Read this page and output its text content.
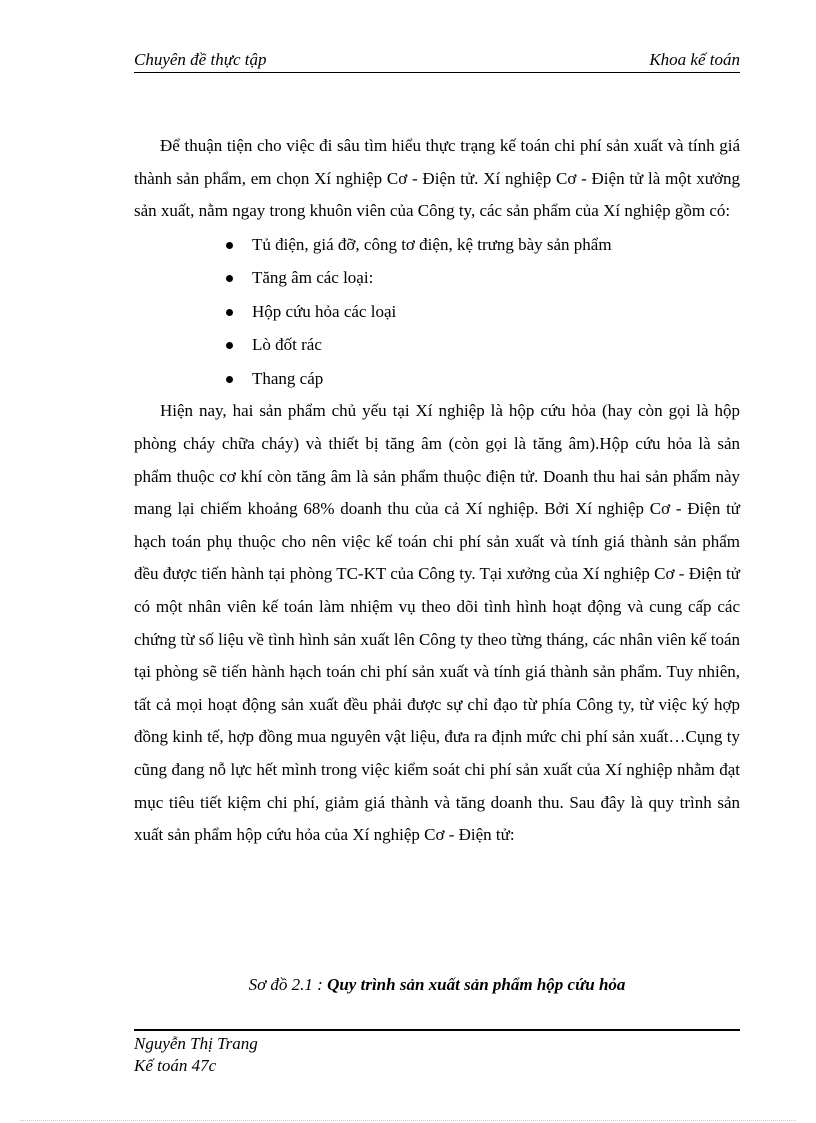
Chuyên đề thực tập	Khoa kế toán

Để thuận tiện cho việc đi sâu tìm hiểu thực trạng kế toán chi phí sản xuất và tính giá thành sản phẩm, em chọn Xí nghiệp Cơ - Điện tử. Xí nghiệp Cơ - Điện tử là một xưởng sản xuất, nằm ngay trong khuôn viên của Công ty, các sản phẩm của Xí nghiệp gồm có:

Tủ điện, giá đỡ, công tơ điện, kệ trưng bày sản phẩm
Tăng âm các loại:
Hộp cứu hỏa các loại
Lò đốt rác
Thang cáp

Hiện nay, hai sản phẩm chủ yếu tại Xí nghiệp là hộp cứu hỏa (hay còn gọi là hộp phòng cháy chữa cháy) và thiết bị tăng âm (còn gọi là tăng âm).Hộp cứu hỏa là sản phẩm thuộc cơ khí còn tăng âm là sản phẩm thuộc điện tử. Doanh thu hai sản phẩm này mang lại chiếm khoảng 68% doanh thu của cả Xí nghiệp. Bởi Xí nghiệp Cơ - Điện tử hạch toán phụ thuộc cho nên việc kế toán chi phí sản xuất và tính giá thành sản phẩm đều được tiến hành tại phòng TC-KT của Công ty. Tại xưởng của Xí nghiệp Cơ - Điện tử có một nhân viên kế toán làm nhiệm vụ theo dõi tình hình hoạt động và cung cấp các chứng từ số liệu về tình hình sản xuất lên Công ty theo từng tháng, các nhân viên kế toán tại phòng sẽ tiến hành hạch toán chi phí sản xuất và tính giá thành sản phẩm. Tuy nhiên, tất cả mọi hoạt động sản xuất đều phải được sự chỉ đạo từ phía Công ty, từ việc ký hợp đồng kinh tế, hợp đồng mua nguyên vật liệu, đưa ra định mức chi phí sản xuất…Cụng ty cũng đang nỗ lực hết mình trong việc kiểm soát chi phí sản xuất của Xí nghiệp nhằm đạt mục tiêu tiết kiệm chi phí, giảm giá thành và tăng doanh thu. Sau đây là quy trình sản xuất sản phẩm hộp cứu hỏa của Xí nghiệp Cơ - Điện tử:

Sơ đồ 2.1 : Quy trình sản xuất sản phẩm hộp cứu hỏa
Nguyễn Thị Trang
Kế toán 47c
